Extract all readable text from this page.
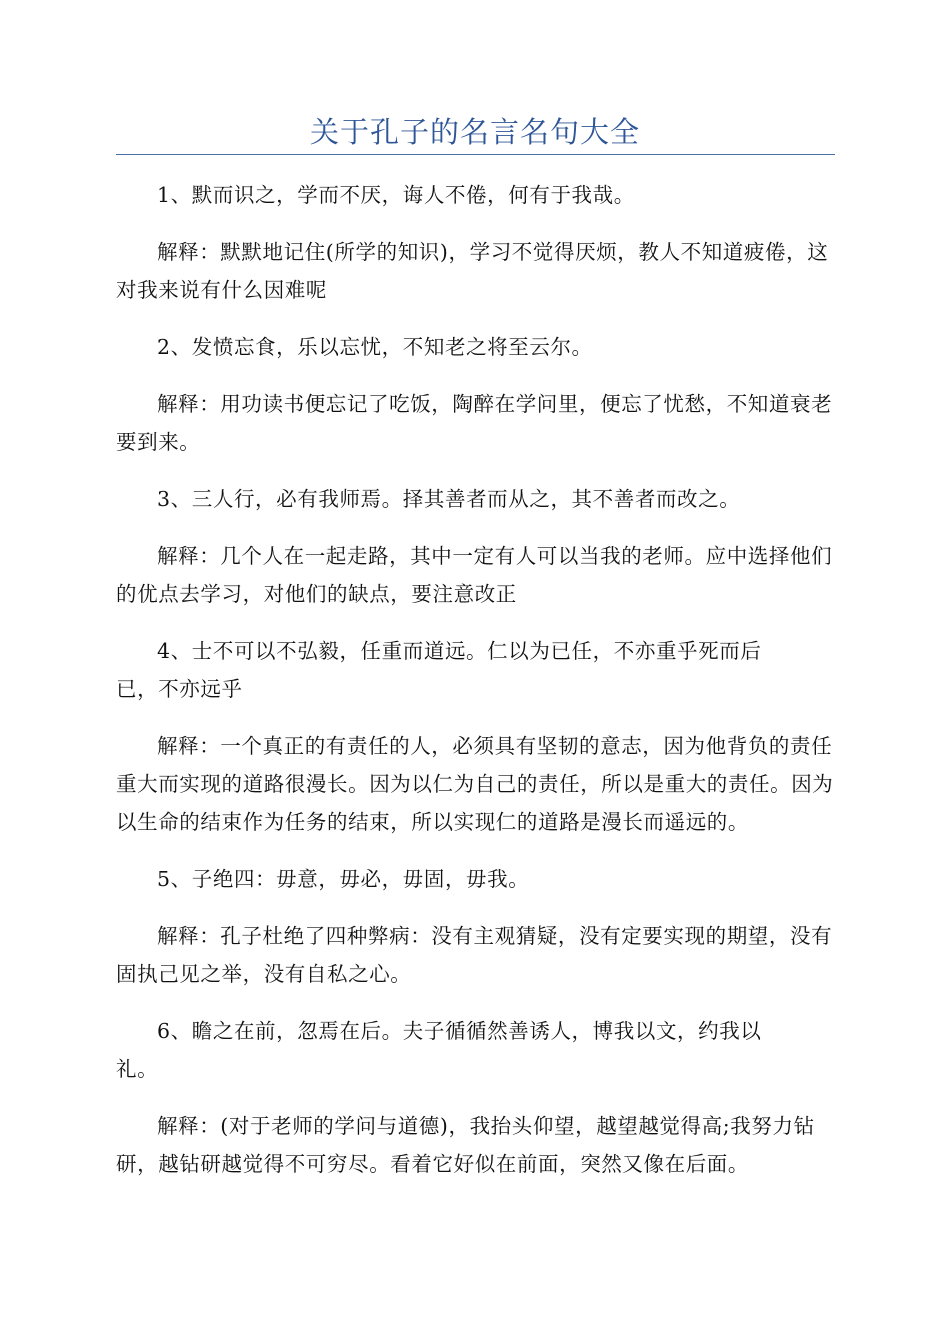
关于孔子的名言名句大全

1、默而识之，学而不厌，诲人不倦，何有于我哉。

解释：默默地记住(所学的知识)，学习不觉得厌烦，教人不知道疲倦，这对我来说有什么因难呢

2、发愤忘食，乐以忘忧，不知老之将至云尔。

解释：用功读书便忘记了吃饭，陶醉在学问里，便忘了忧愁，不知道衰老要到来。

3、三人行，必有我师焉。择其善者而从之，其不善者而改之。

解释：几个人在一起走路，其中一定有人可以当我的老师。应中选择他们的优点去学习，对他们的缺点，要注意改正

4、士不可以不弘毅，任重而道远。仁以为已任，不亦重乎死而后已，不亦远乎

解释：一个真正的有责任的人，必须具有坚韧的意志，因为他背负的责任重大而实现的道路很漫长。因为以仁为自己的责任，所以是重大的责任。因为以生命的结束作为任务的结束，所以实现仁的道路是漫长而遥远的。

5、子绝四：毋意，毋必，毋固，毋我。

解释：孔子杜绝了四种弊病：没有主观猜疑，没有定要实现的期望，没有固执己见之举，没有自私之心。

6、瞻之在前，忽焉在后。夫子循循然善诱人，博我以文，约我以礼。

解释：(对于老师的学问与道德)，我抬头仰望，越望越觉得高;我努力钻研，越钻研越觉得不可穷尽。看着它好似在前面，突然又像在后面。
